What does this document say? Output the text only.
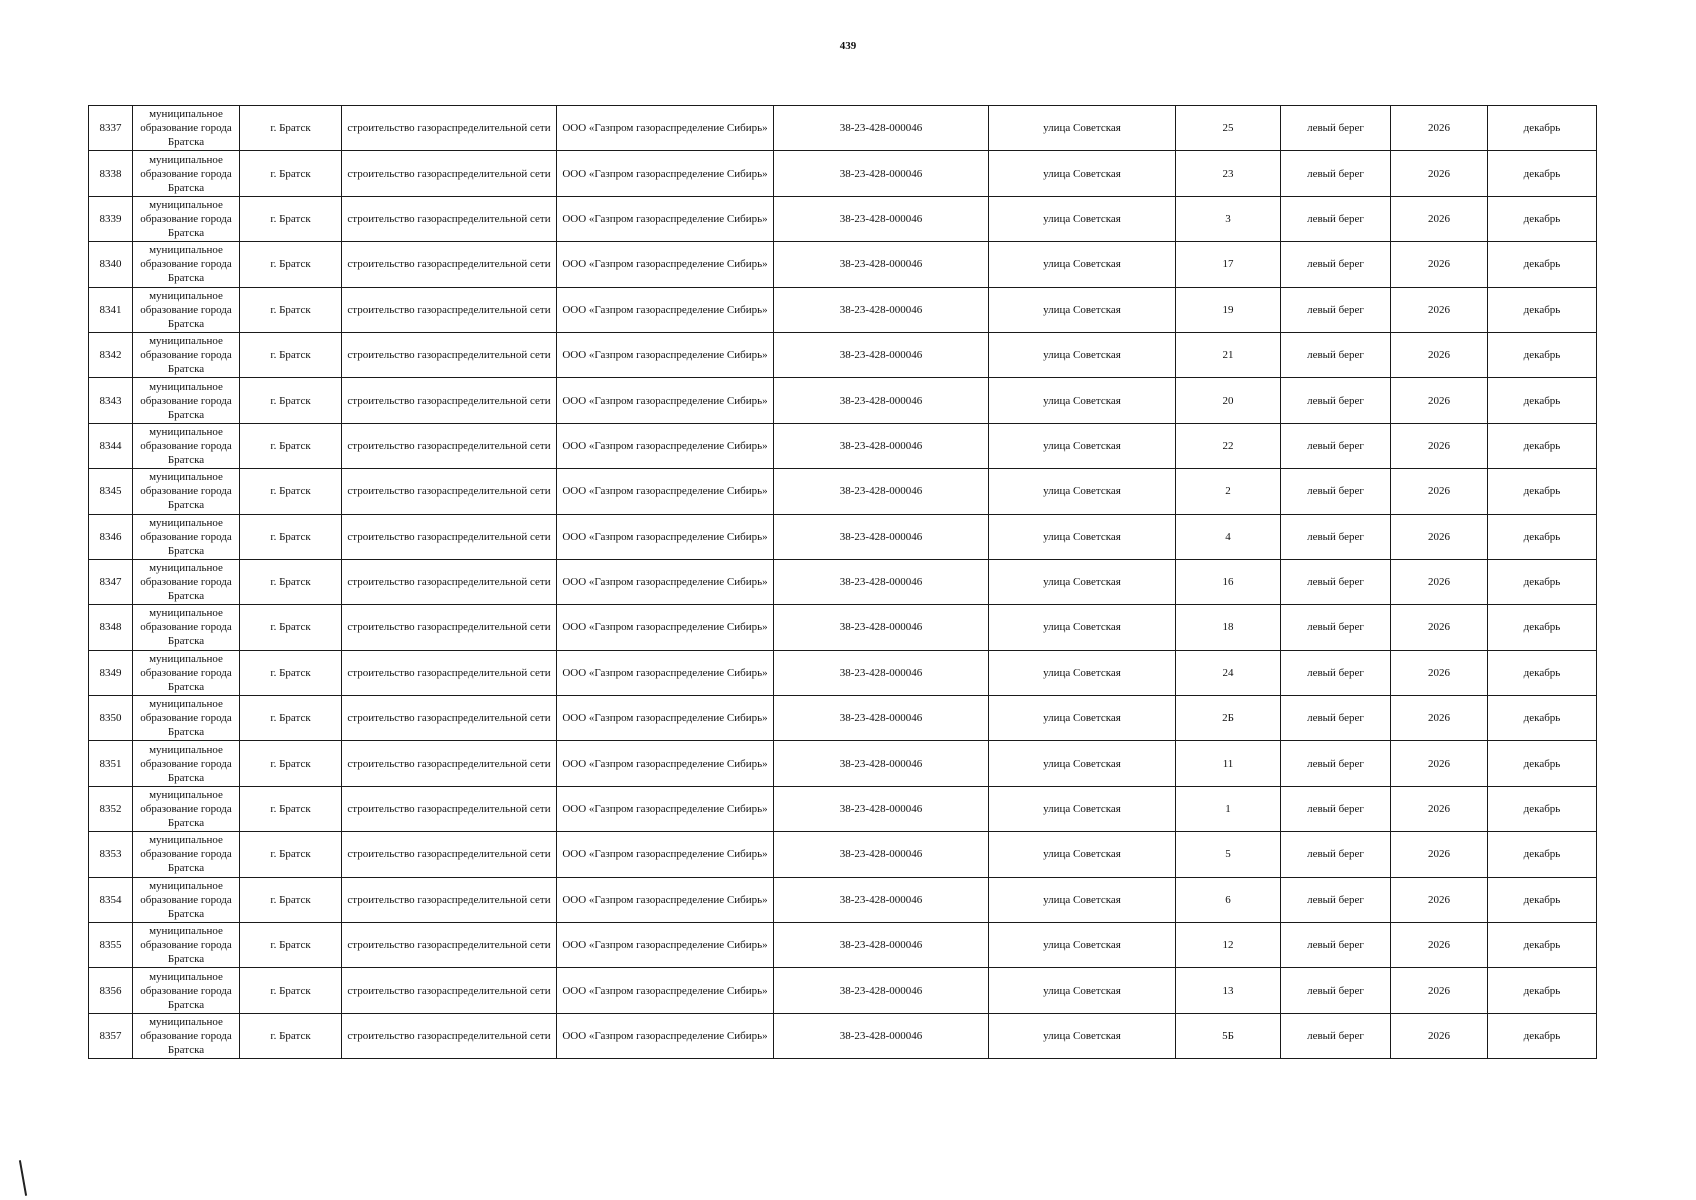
439
8337	муниципальное образование города Братска	г. Братск	строительство газораспределительной сети	ООО «Газпром газораспределение Сибирь»	38-23-428-000046	улица Советская	25	левый берег	2026	декабрь
8338	муниципальное образование города Братска	г. Братск	строительство газораспределительной сети	ООО «Газпром газораспределение Сибирь»	38-23-428-000046	улица Советская	23	левый берег	2026	декабрь
8339	муниципальное образование города Братска	г. Братск	строительство газораспределительной сети	ООО «Газпром газораспределение Сибирь»	38-23-428-000046	улица Советская	3	левый берег	2026	декабрь
8340	муниципальное образование города Братска	г. Братск	строительство газораспределительной сети	ООО «Газпром газораспределение Сибирь»	38-23-428-000046	улица Советская	17	левый берег	2026	декабрь
8341	муниципальное образование города Братска	г. Братск	строительство газораспределительной сети	ООО «Газпром газораспределение Сибирь»	38-23-428-000046	улица Советская	19	левый берег	2026	декабрь
8342	муниципальное образование города Братска	г. Братск	строительство газораспределительной сети	ООО «Газпром газораспределение Сибирь»	38-23-428-000046	улица Советская	21	левый берег	2026	декабрь
8343	муниципальное образование города Братска	г. Братск	строительство газораспределительной сети	ООО «Газпром газораспределение Сибирь»	38-23-428-000046	улица Советская	20	левый берег	2026	декабрь
8344	муниципальное образование города Братска	г. Братск	строительство газораспределительной сети	ООО «Газпром газораспределение Сибирь»	38-23-428-000046	улица Советская	22	левый берег	2026	декабрь
8345	муниципальное образование города Братска	г. Братск	строительство газораспределительной сети	ООО «Газпром газораспределение Сибирь»	38-23-428-000046	улица Советская	2	левый берег	2026	декабрь
8346	муниципальное образование города Братска	г. Братск	строительство газораспределительной сети	ООО «Газпром газораспределение Сибирь»	38-23-428-000046	улица Советская	4	левый берег	2026	декабрь
8347	муниципальное образование города Братска	г. Братск	строительство газораспределительной сети	ООО «Газпром газораспределение Сибирь»	38-23-428-000046	улица Советская	16	левый берег	2026	декабрь
8348	муниципальное образование города Братска	г. Братск	строительство газораспределительной сети	ООО «Газпром газораспределение Сибирь»	38-23-428-000046	улица Советская	18	левый берег	2026	декабрь
8349	муниципальное образование города Братска	г. Братск	строительство газораспределительной сети	ООО «Газпром газораспределение Сибирь»	38-23-428-000046	улица Советская	24	левый берег	2026	декабрь
8350	муниципальное образование города Братска	г. Братск	строительство газораспределительной сети	ООО «Газпром газораспределение Сибирь»	38-23-428-000046	улица Советская	2Б	левый берег	2026	декабрь
8351	муниципальное образование города Братска	г. Братск	строительство газораспределительной сети	ООО «Газпром газораспределение Сибирь»	38-23-428-000046	улица Советская	11	левый берег	2026	декабрь
8352	муниципальное образование города Братска	г. Братск	строительство газораспределительной сети	ООО «Газпром газораспределение Сибирь»	38-23-428-000046	улица Советская	1	левый берег	2026	декабрь
8353	муниципальное образование города Братска	г. Братск	строительство газораспределительной сети	ООО «Газпром газораспределение Сибирь»	38-23-428-000046	улица Советская	5	левый берег	2026	декабрь
8354	муниципальное образование города Братска	г. Братск	строительство газораспределительной сети	ООО «Газпром газораспределение Сибирь»	38-23-428-000046	улица Советская	6	левый берег	2026	декабрь
8355	муниципальное образование города Братска	г. Братск	строительство газораспределительной сети	ООО «Газпром газораспределение Сибирь»	38-23-428-000046	улица Советская	12	левый берег	2026	декабрь
8356	муниципальное образование города Братска	г. Братск	строительство газораспределительной сети	ООО «Газпром газораспределение Сибирь»	38-23-428-000046	улица Советская	13	левый берег	2026	декабрь
8357	муниципальное образование города Братска	г. Братск	строительство газораспределительной сети	ООО «Газпром газораспределение Сибирь»	38-23-428-000046	улица Советская	5Б	левый берег	2026	декабрь
